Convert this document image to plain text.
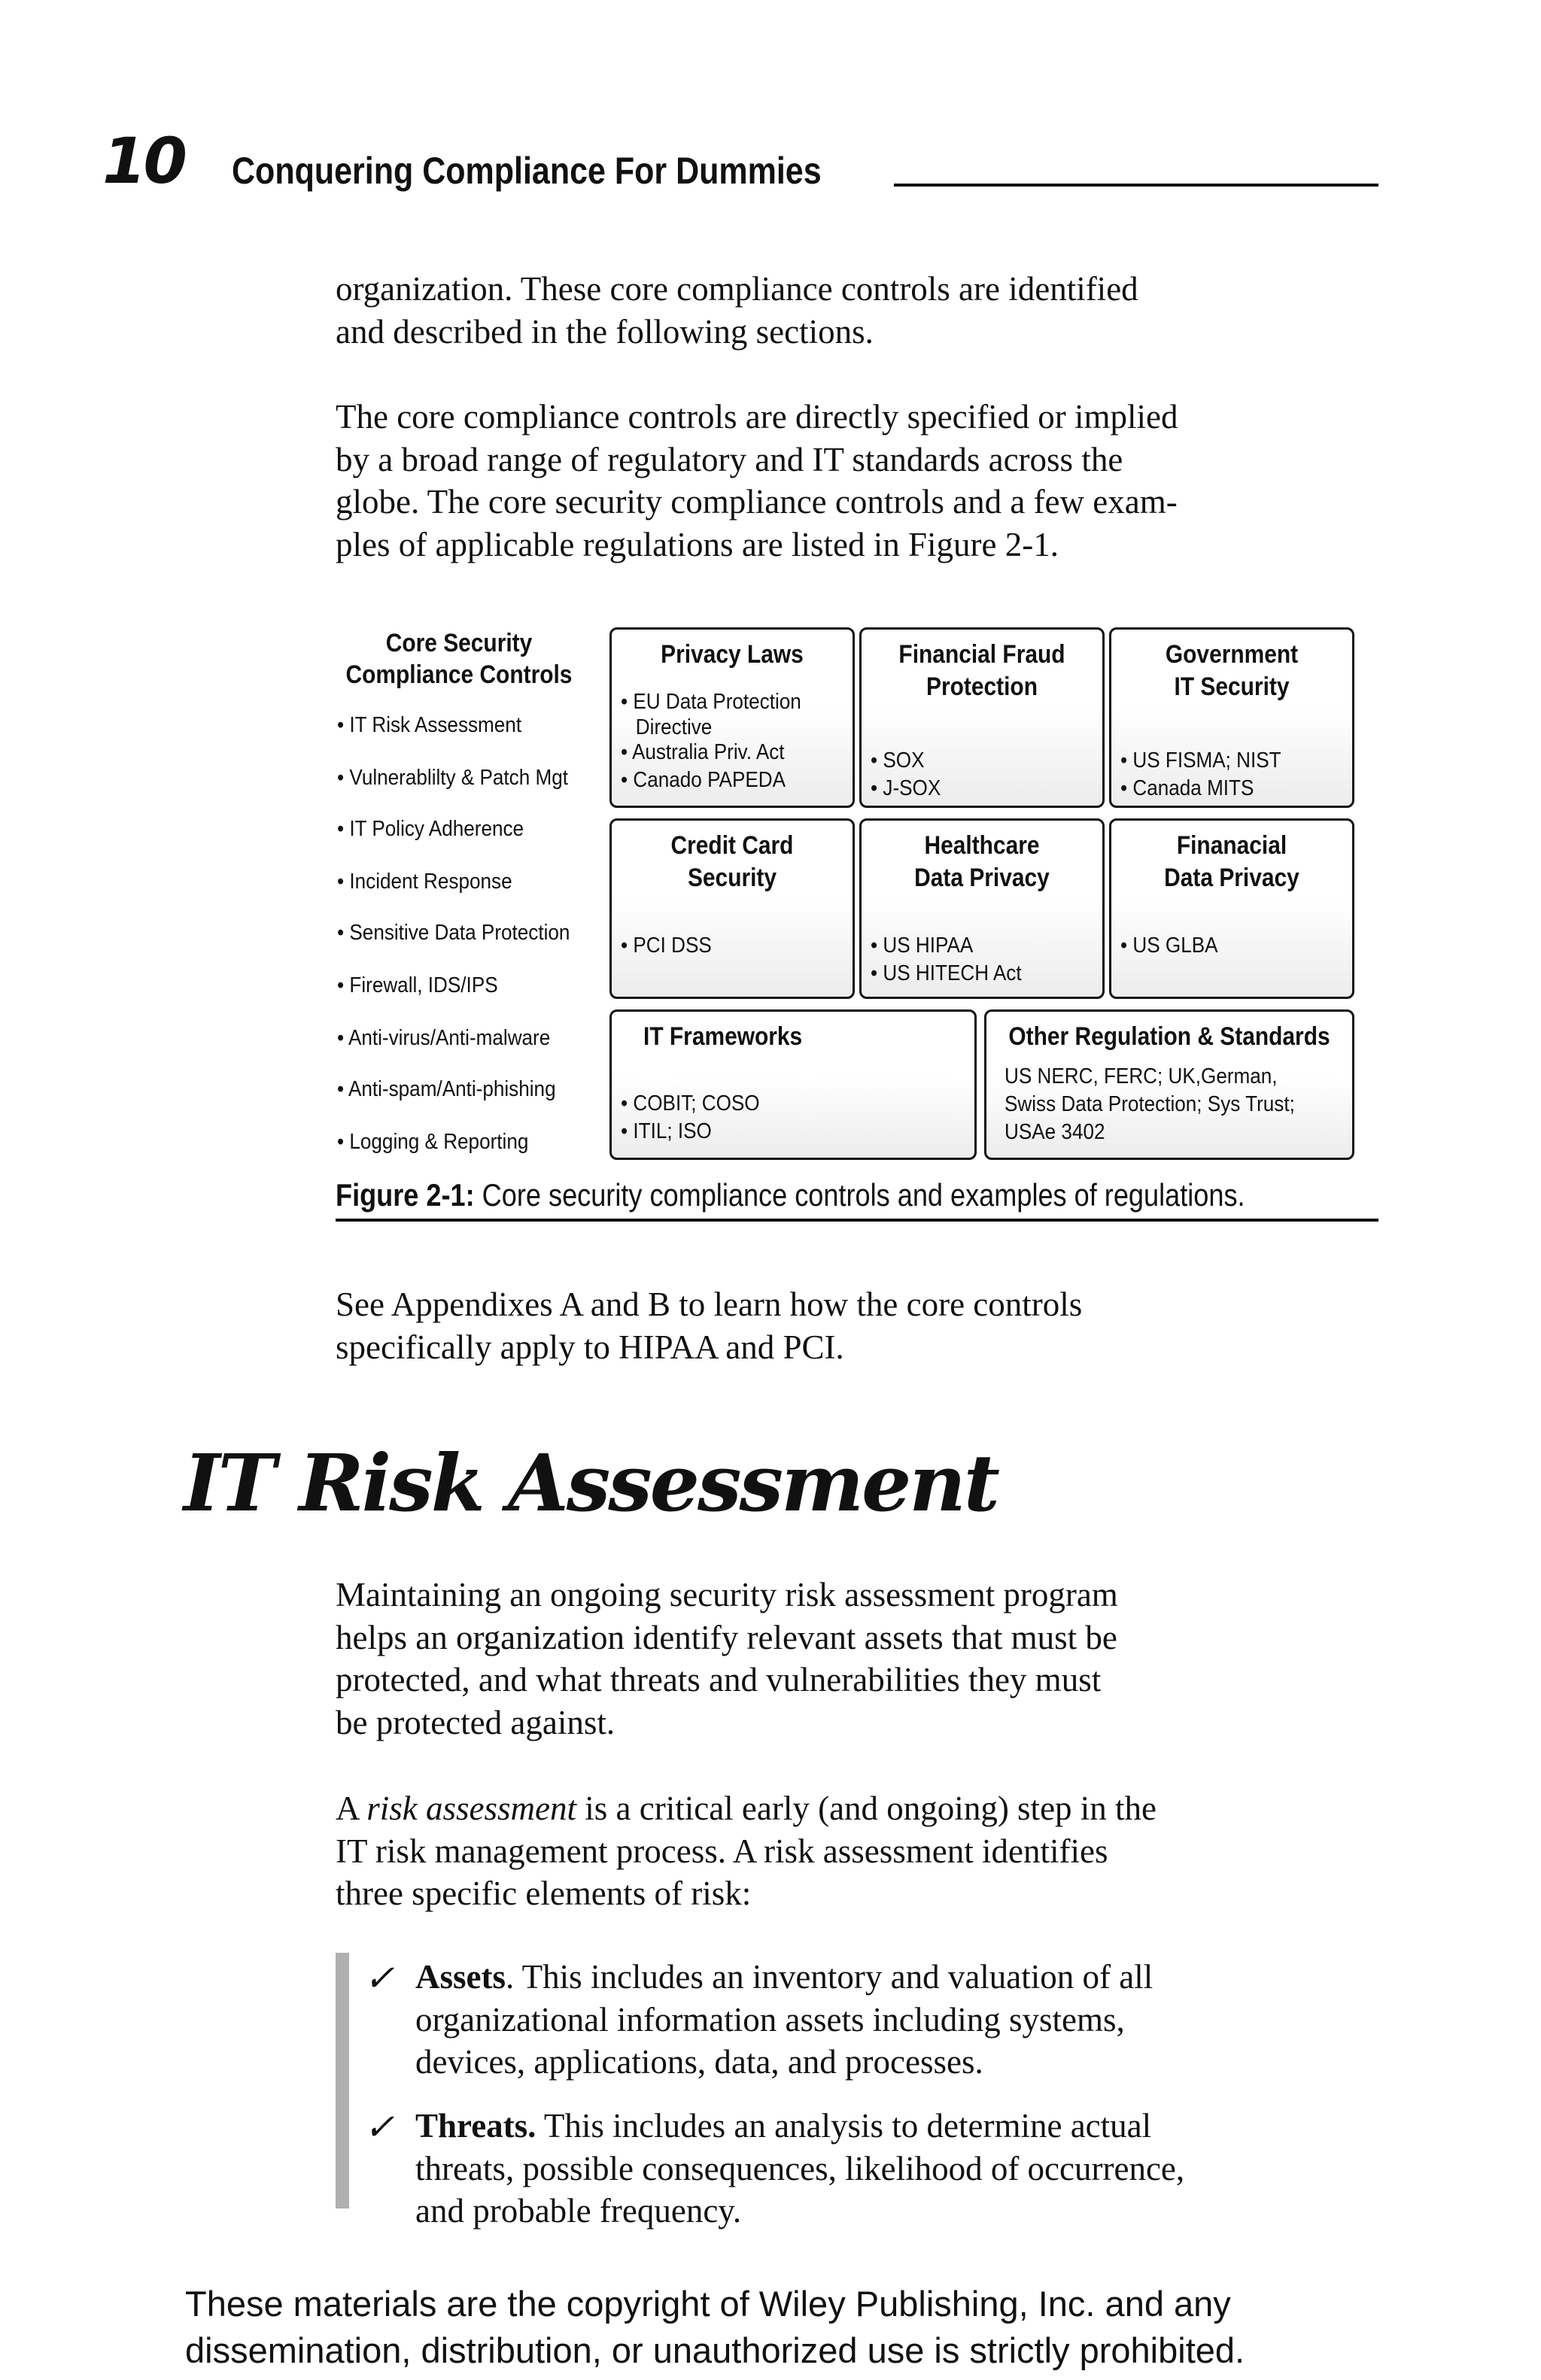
10 Conquering Compliance For Dummies
organization. These core compliance controls are identified
and described in the following sections.
The core compliance controls are directly specified or implied
by a broad range of regulatory and IT standards across the
globe. The core security compliance controls and a few exam-
ples of applicable regulations are listed in Figure 2-1.
Core Security
Compliance Controls
• IT Risk Assessment
• Vulnerablilty & Patch Mgt
• IT Policy Adherence
• Incident Response
• Sensitive Data Protection
• Firewall, IDS/IPS
• Anti-virus/Anti-malware
• Anti-spam/Anti-phishing
• Logging & Reporting
Privacy Laws
• EU Data Protection
Directive
• Australia Priv. Act
• Canado PAPEDA
Financial Fraud
Protection
• SOX
• J-SOX
Government
IT Security
• US FISMA; NIST
• Canada MITS
Credit Card
Security
• PCI DSS
Healthcare
Data Privacy
• US HIPAA
• US HITECH Act
Finanacial
Data Privacy
• US GLBA
IT Frameworks
• COBIT; COSO
• ITIL; ISO
Other Regulation & Standards
US NERC, FERC; UK,German,
Swiss Data Protection; Sys Trust;
USAe 3402
Figure 2-1: Core security compliance controls and examples of regulations.
See Appendixes A and B to learn how the core controls
specifically apply to HIPAA and PCI.
IT Risk Assessment
Maintaining an ongoing security risk assessment program
helps an organization identify relevant assets that must be
protected, and what threats and vulnerabilities they must
be protected against.
A risk assessment is a critical early (and ongoing) step in the
IT risk management process. A risk assessment identifies
three specific elements of risk:
✓ Assets. This includes an inventory and valuation of all
organizational information assets including systems,
devices, applications, data, and processes.
✓ Threats. This includes an analysis to determine actual
threats, possible consequences, likelihood of occurrence,
and probable frequency.
These materials are the copyright of Wiley Publishing, Inc. and any
dissemination, distribution, or unauthorized use is strictly prohibited.
